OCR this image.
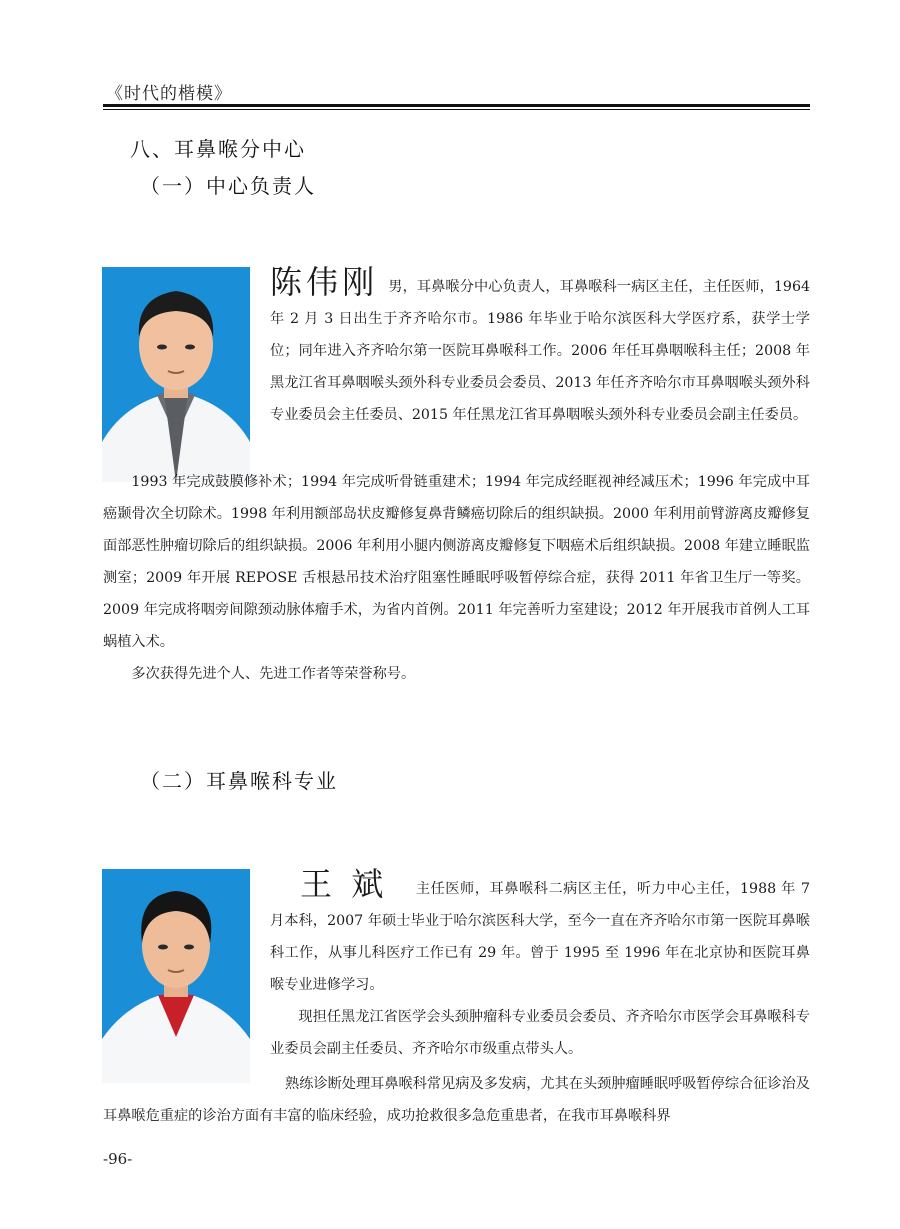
《时代的楷模》
八、耳鼻喉分中心
（一）中心负责人

陈伟刚 男，耳鼻喉分中心负责人，耳鼻喉科一病区主任，主任医师，1964 年 2 月 3 日出生于齐齐哈尔市。1986 年毕业于哈尔滨医科大学医疗系，获学士学位；同年进入齐齐哈尔第一医院耳鼻喉科工作。2006 年任耳鼻咽喉科主任；2008 年黑龙江省耳鼻咽喉头颈外科专业委员会委员、2013 年任齐齐哈尔市耳鼻咽喉头颈外科专业委员会主任委员、2015 年任黑龙江省耳鼻咽喉头颈外科专业委员会副主任委员。

1993 年完成鼓膜修补术；1994 年完成听骨链重建术；1994 年完成经眶视神经减压术；1996 年完成中耳癌颞骨次全切除术。1998 年利用额部岛状皮瓣修复鼻背鳞癌切除后的组织缺损。2000 年利用前臂游离皮瓣修复面部恶性肿瘤切除后的组织缺损。2006 年利用小腿内侧游离皮瓣修复下咽癌术后组织缺损。2008 年建立睡眠监测室；2009 年开展 REPOSE 舌根悬吊技术治疗阻塞性睡眠呼吸暂停综合症，获得 2011 年省卫生厅一等奖。2009 年完成将咽旁间隙颈动脉体瘤手术，为省内首例。2011 年完善听力室建设；2012 年开展我市首例人工耳蜗植入术。

多次获得先进个人、先进工作者等荣誉称号。

（二）耳鼻喉科专业

王 斌 主任医师，耳鼻喉科二病区主任，听力中心主任，1988 年 7 月本科，2007 年硕士毕业于哈尔滨医科大学，至今一直在齐齐哈尔市第一医院耳鼻喉科工作，从事儿科医疗工作已有 29 年。曾于 1995 至 1996 年在北京协和医院耳鼻喉专业进修学习。

现担任黑龙江省医学会头颈肿瘤科专业委员会委员、齐齐哈尔市医学会耳鼻喉科专业委员会副主任委员、齐齐哈尔市级重点带头人。

熟练诊断处理耳鼻喉科常见病及多发病，尤其在头颈肿瘤睡眠呼吸暂停综合征诊治及耳鼻喉危重症的诊治方面有丰富的临床经验，成功抢救很多急危重患者，在我市耳鼻喉科界

-96-
